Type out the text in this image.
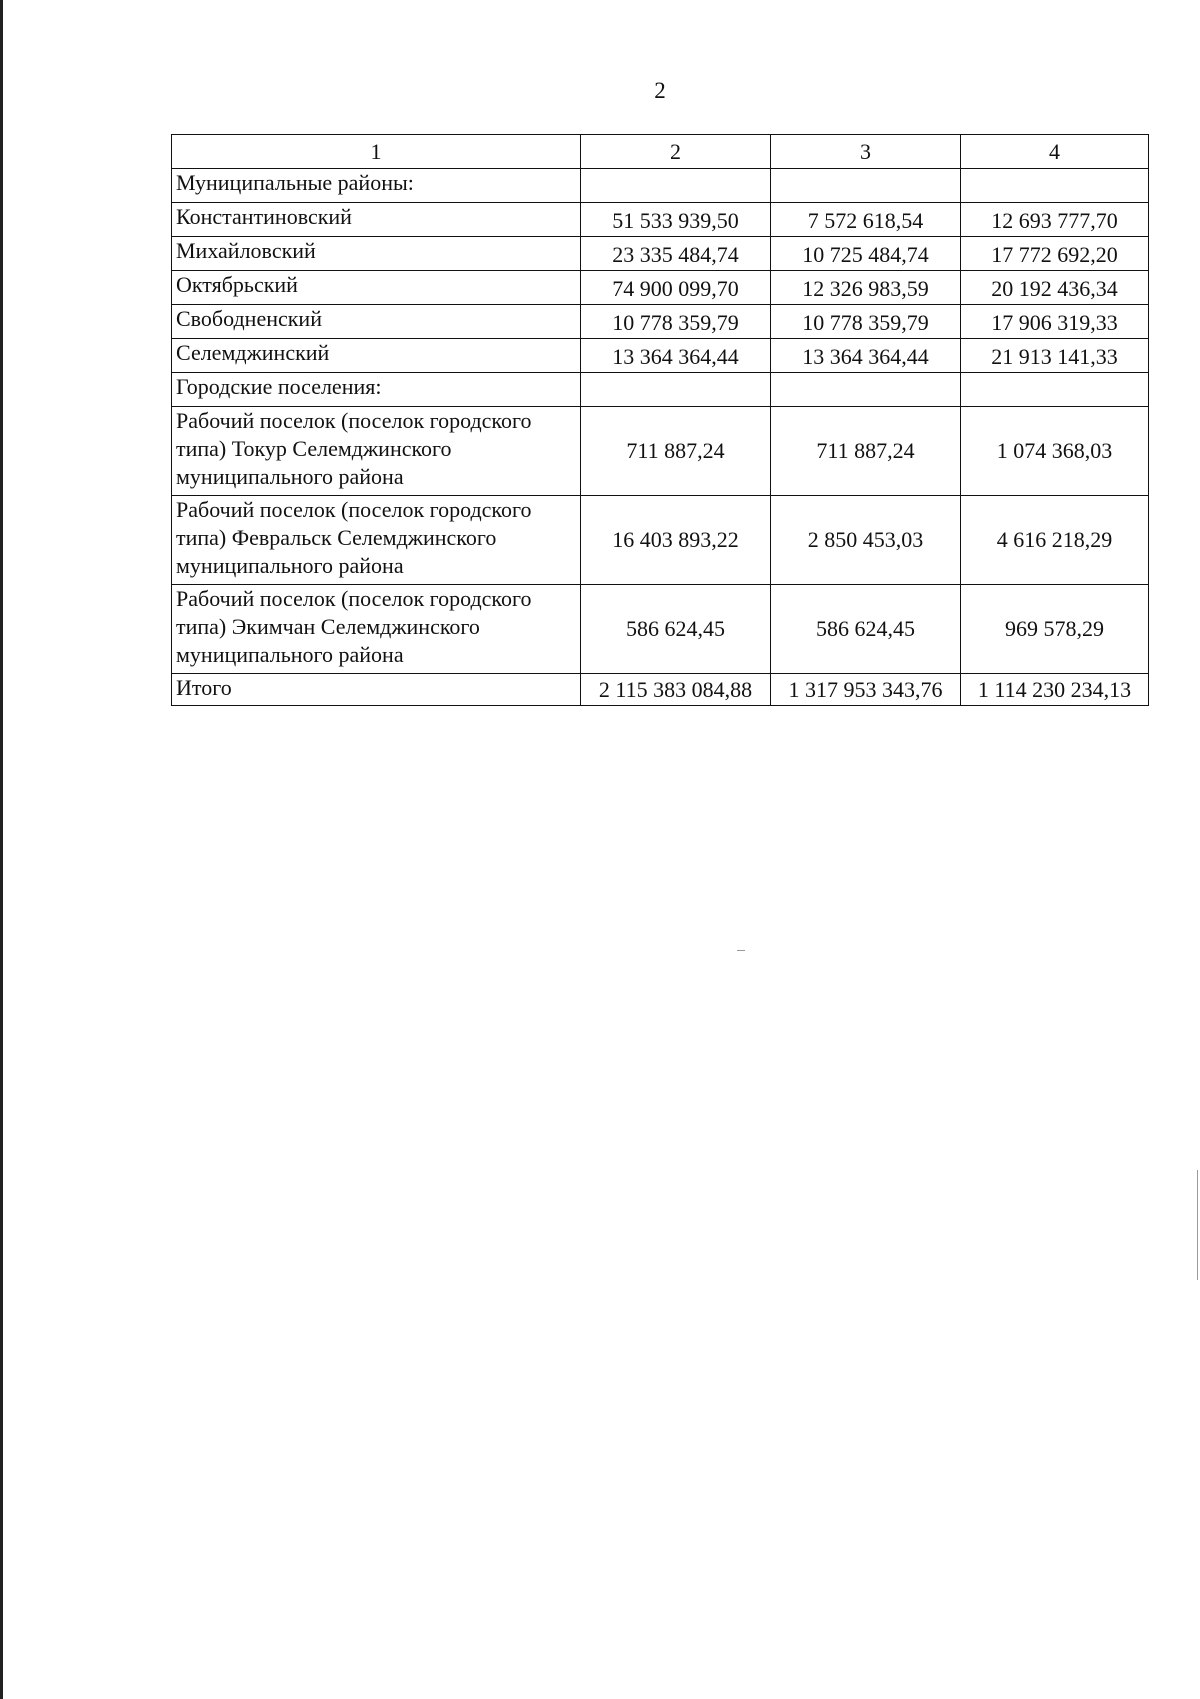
2
1	2	3	4
Муниципальные районы:			
Константиновский	51 533 939,50	7 572 618,54	12 693 777,70
Михайловский	23 335 484,74	10 725 484,74	17 772 692,20
Октябрьский	74 900 099,70	12 326 983,59	20 192 436,34
Свободненский	10 778 359,79	10 778 359,79	17 906 319,33
Селемджинский	13 364 364,44	13 364 364,44	21 913 141,33
Городские поселения:			
Рабочий поселок (поселок городского типа) Токур Селемджинского муниципального района	711 887,24	711 887,24	1 074 368,03
Рабочий поселок (поселок городского типа) Февральск Селемджинского муниципального района	16 403 893,22	2 850 453,03	4 616 218,29
Рабочий поселок (поселок городского типа) Экимчан Селемджинского муниципального района	586 624,45	586 624,45	969 578,29
Итого	2 115 383 084,88	1 317 953 343,76	1 114 230 234,13
